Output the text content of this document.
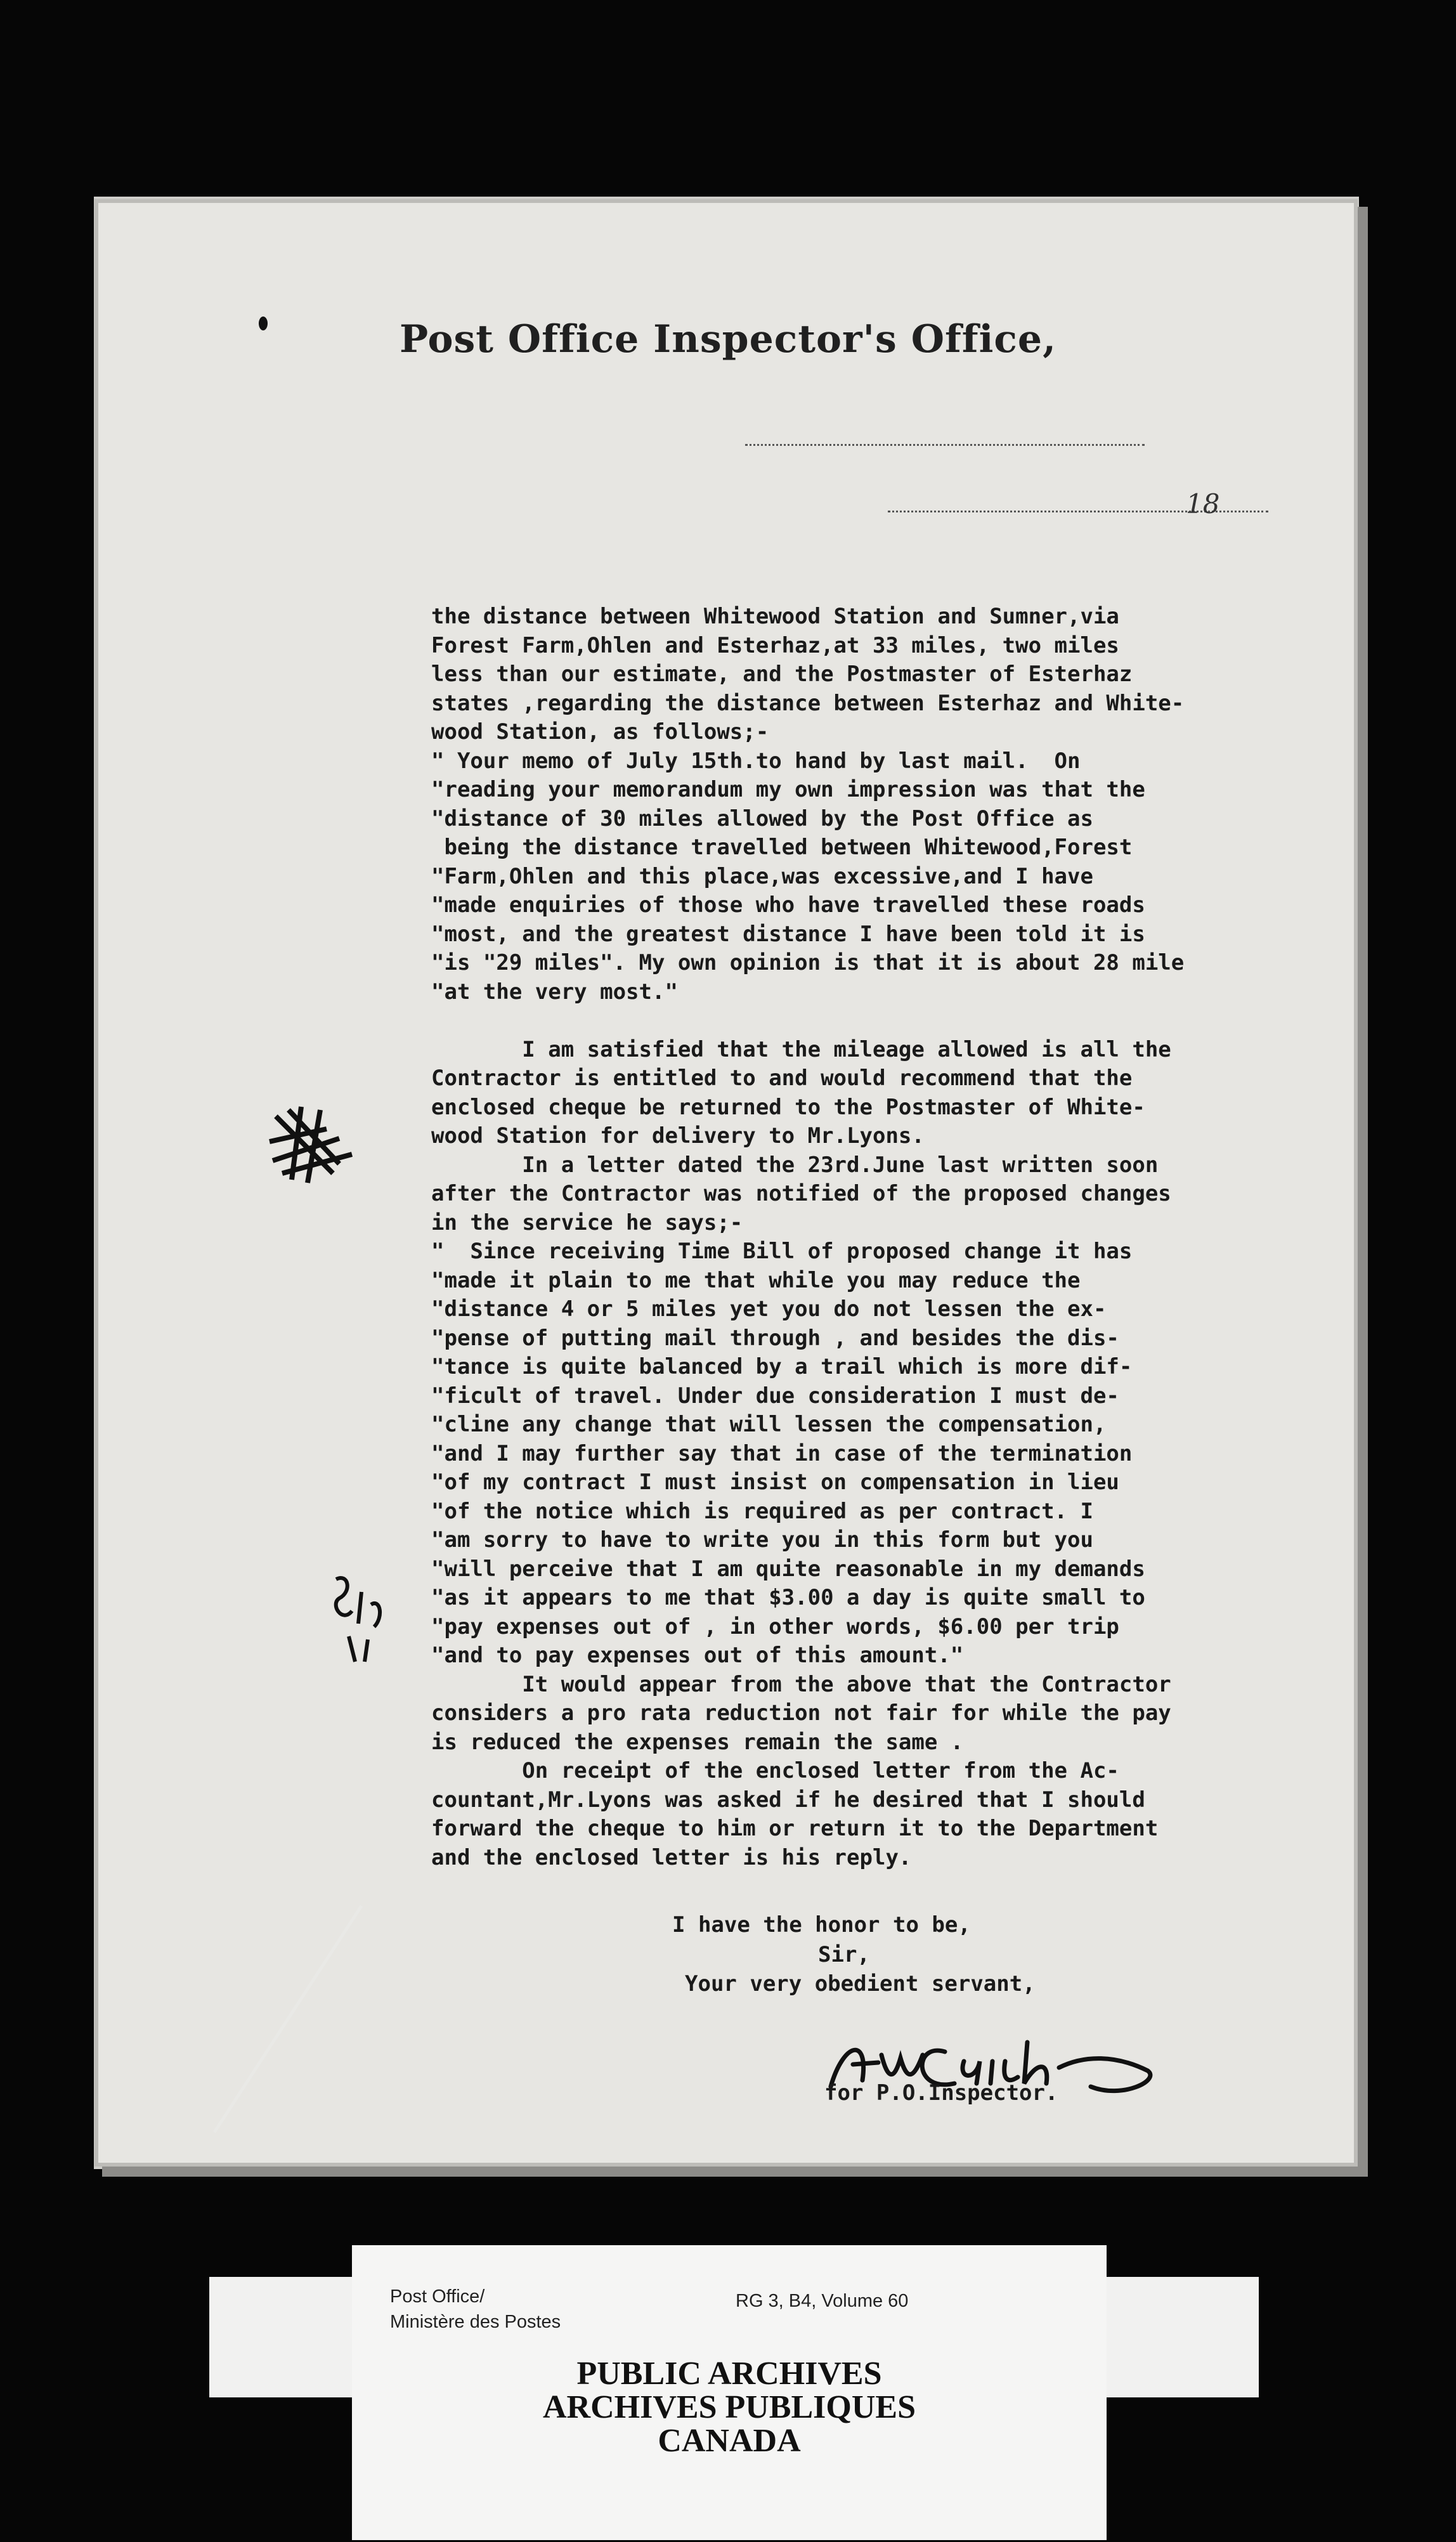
Post Office Inspector's Office,
18
the distance between Whitewood Station and Sumner,via
Forest Farm,Ohlen and Esterhaz,at 33 miles, two miles
less than our estimate, and the Postmaster of Esterhaz
states ,regarding the distance between Esterhaz and White-
wood Station, as follows;-
" Your memo of July 15th.to hand by last mail.  On
"reading your memorandum my own impression was that the
"distance of 30 miles allowed by the Post Office as
being the distance travelled between Whitewood,Forest
"Farm,Ohlen and this place,was excessive,and I have
"made enquiries of those who have travelled these roads
"most, and the greatest distance I have been told it is
"is "29 miles". My own opinion is that it is about 28 mile
"at the very most."
I am satisfied that the mileage allowed is all the
Contractor is entitled to and would recommend that the
enclosed cheque be returned to the Postmaster of White-
wood Station for delivery to Mr.Lyons.
In a letter dated the 23rd.June last written soon
after the Contractor was notified of the proposed changes
in the service he says;-
"  Since receiving Time Bill of proposed change it has
"made it plain to me that while you may reduce the
"distance 4 or 5 miles yet you do not lessen the ex-
"pense of putting mail through , and besides the dis-
"tance is quite balanced by a trail which is more dif-
"ficult of travel. Under due consideration I must de-
"cline any change that will lessen the compensation,
"and I may further say that in case of the termination
"of my contract I must insist on compensation in lieu
"of the notice which is required as per contract. I
"am sorry to have to write you in this form but you
"will perceive that I am quite reasonable in my demands
"as it appears to me that $3.00 a day is quite small to
"pay expenses out of , in other words, $6.00 per trip
"and to pay expenses out of this amount."
It would appear from the above that the Contractor
considers a pro rata reduction not fair for while the pay
is reduced the expenses remain the same .
On receipt of the enclosed letter from the Ac-
countant,Mr.Lyons was asked if he desired that I should
forward the cheque to him or return it to the Department
and the enclosed letter is his reply.
I have the honor to be,
Sir,
Your very obedient servant,
for P.O.Inspector.
Post Office/
Ministère des Postes
RG 3, B4, Volume 60
PUBLIC ARCHIVES
ARCHIVES PUBLIQUES
CANADA
